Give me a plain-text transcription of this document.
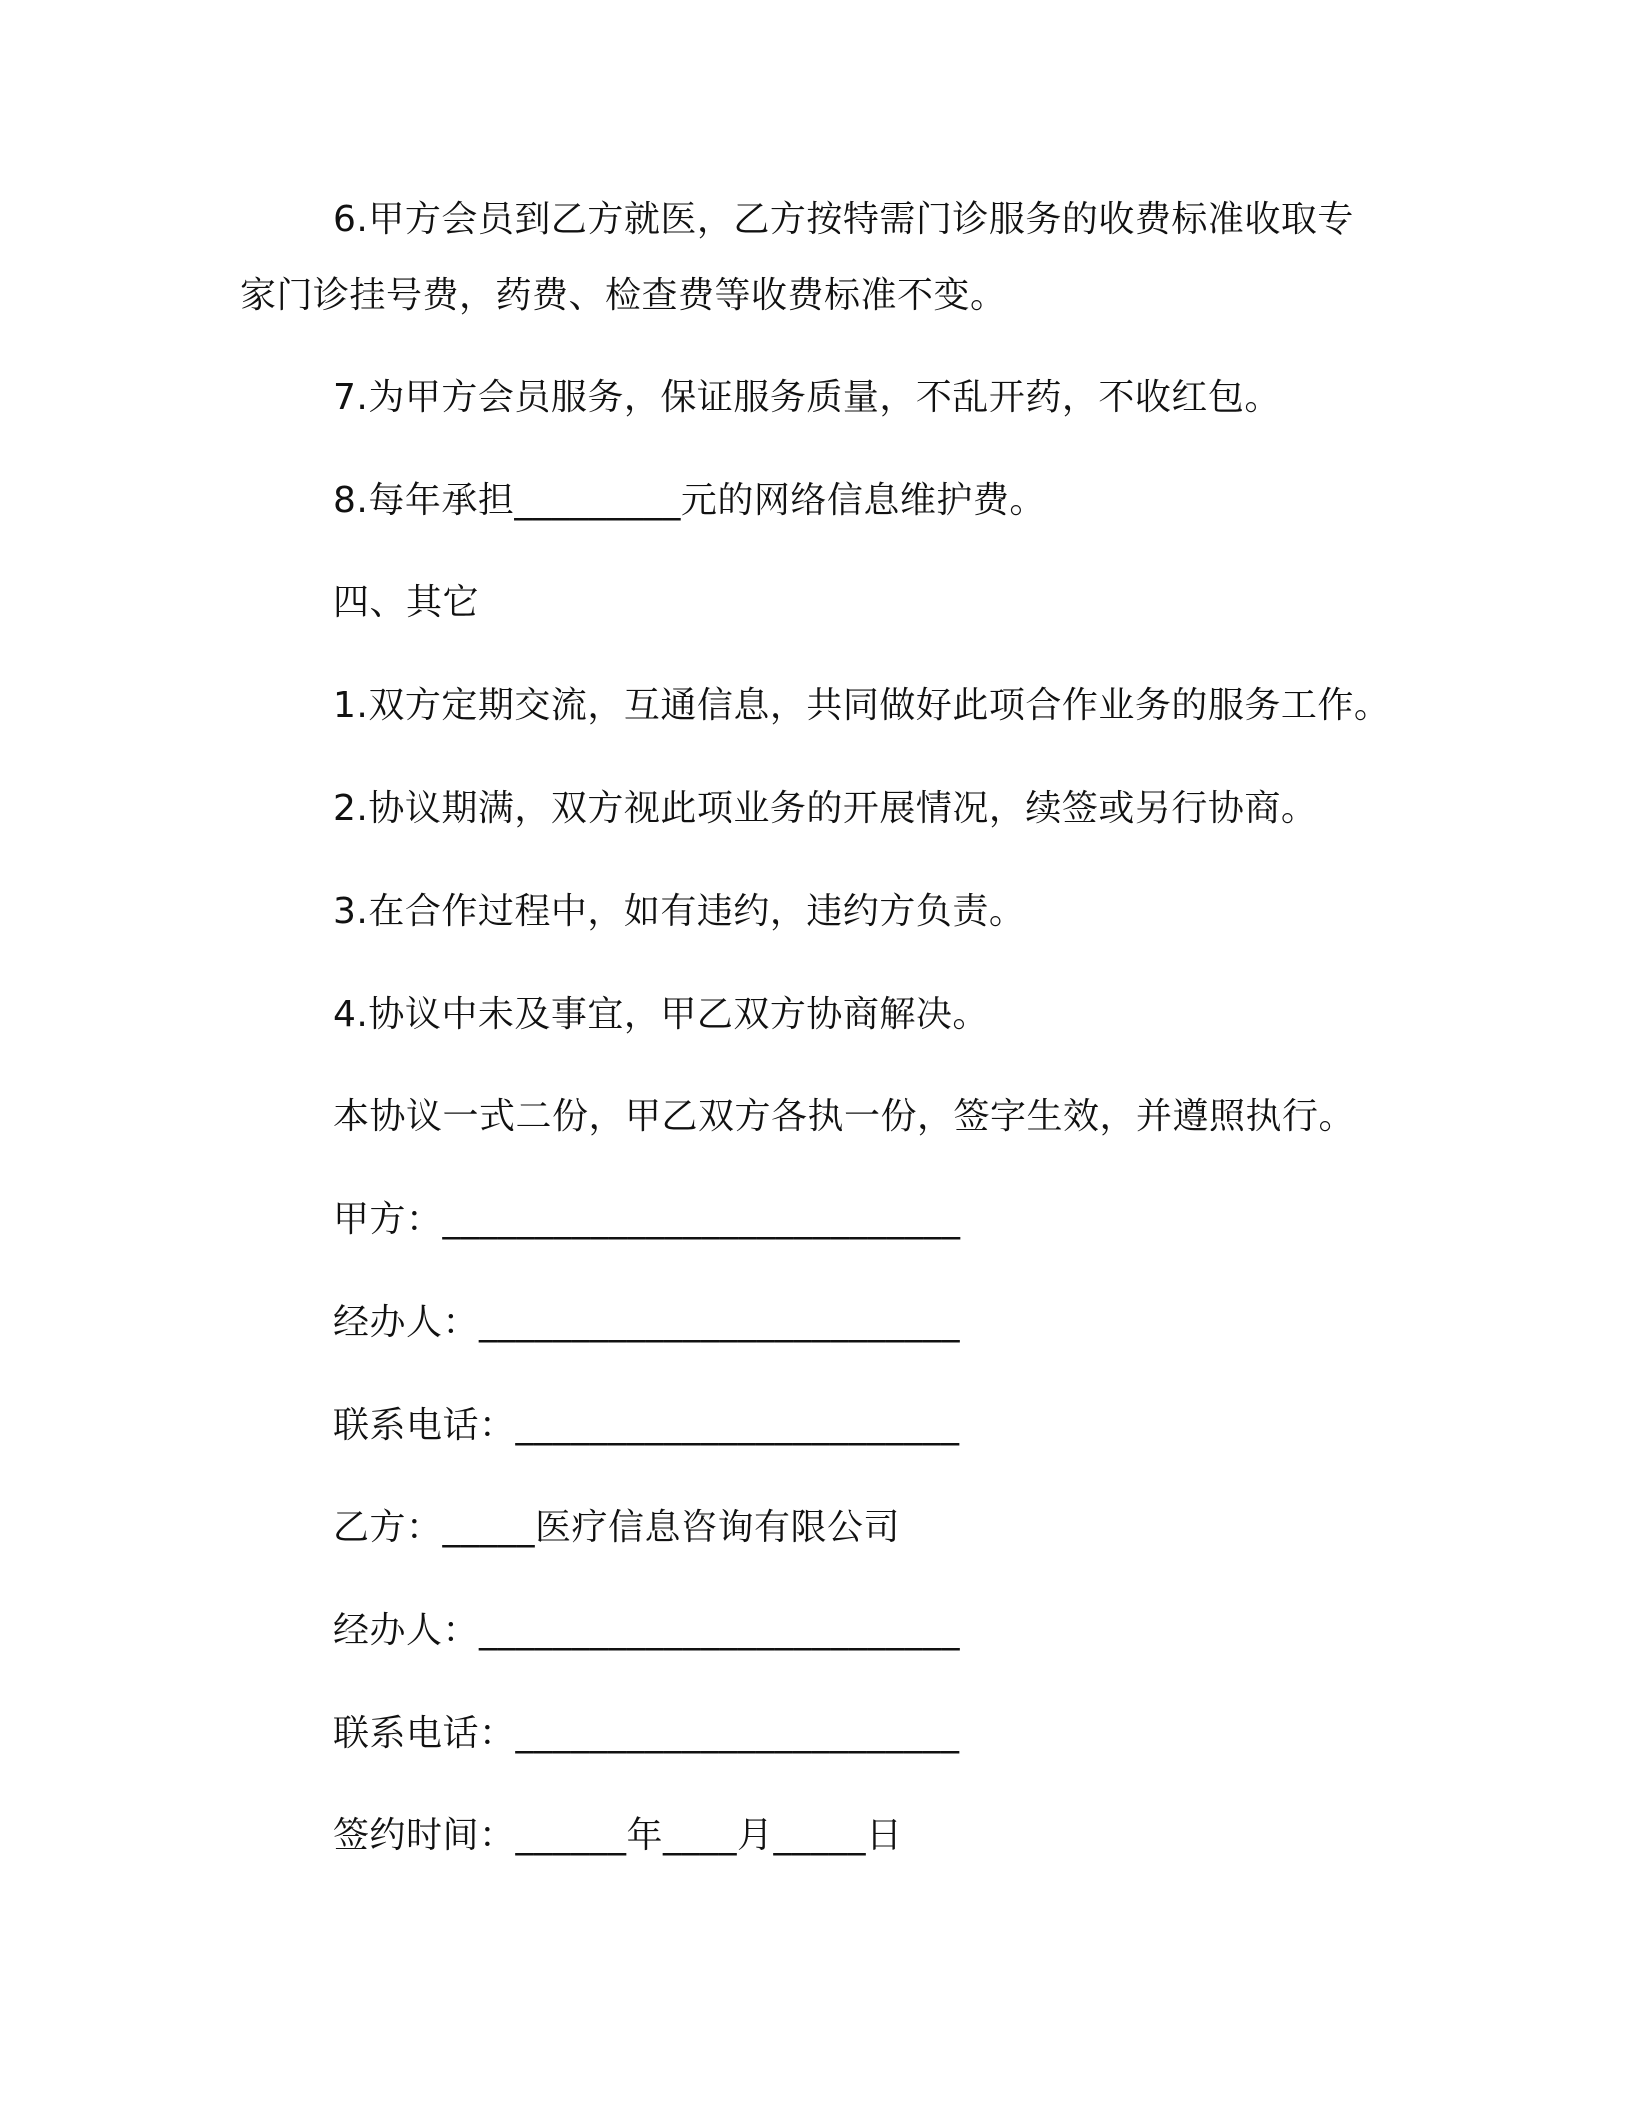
6.甲方会员到乙方就医，乙方按特需门诊服务的收费标准收取专
家门诊挂号费，药费、检查费等收费标准不变。
7.为甲方会员服务，保证服务质量，不乱开药，不收红包。
8.每年承担_________元的网络信息维护费。
四、其它
1.双方定期交流，互通信息，共同做好此项合作业务的服务工作。
2.协议期满，双方视此项业务的开展情况，续签或另行协商。
3.在合作过程中，如有违约，违约方负责。
4.协议中未及事宜，甲乙双方协商解决。
本协议一式二份，甲乙双方各执一份，签字生效，并遵照执行。
甲方：____________________________
经办人：__________________________
联系电话：________________________
乙方：_____医疗信息咨询有限公司
经办人：__________________________
联系电话：________________________
签约时间：______年____月_____日
